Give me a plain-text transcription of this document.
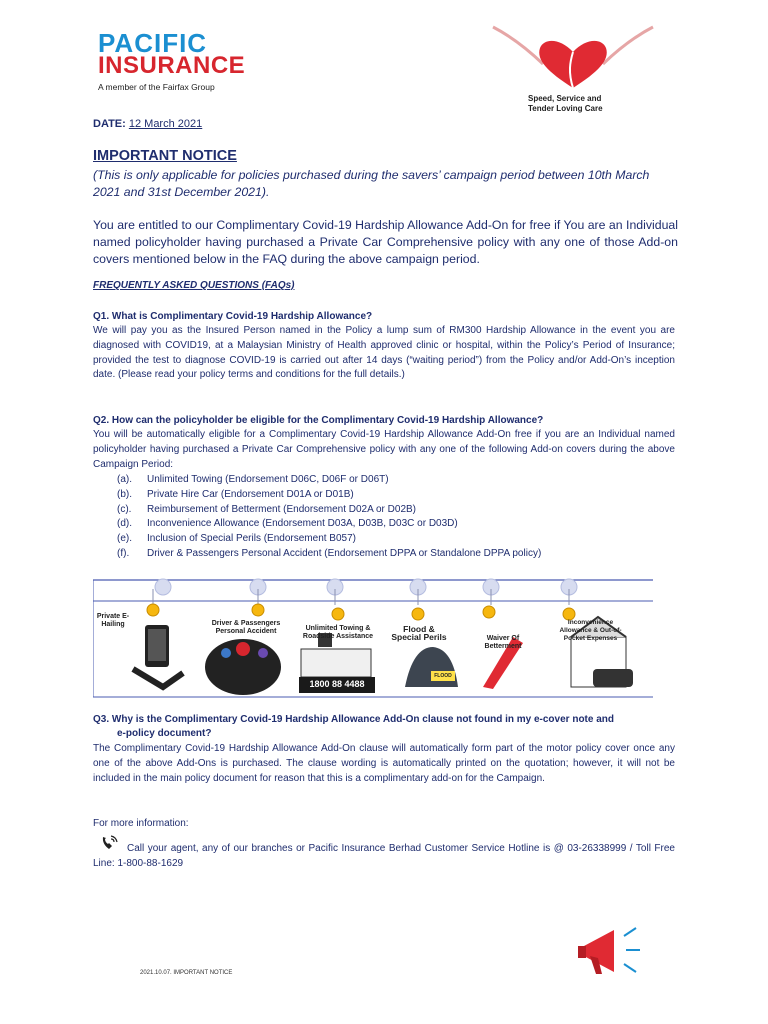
PACIFIC
INSURANCE
A member of the Fairfax Group
Speed, Service and
Tender Loving Care
DATE: 12 March 2021
IMPORTANT NOTICE
(This is only applicable for policies purchased during the savers’ campaign period between 10th March 2021 and 31st December 2021).
You are entitled to our Complimentary Covid-19 Hardship Allowance Add-On for free if You are an Individual named policyholder having purchased a Private Car Comprehensive policy with any one of those Add-on covers mentioned below in the FAQ during the above campaign period.
FREQUENTLY ASKED QUESTIONS (FAQs)
Q1. What is Complimentary Covid-19 Hardship Allowance?
We will pay you as the Insured Person named in the Policy a lump sum of RM300 Hardship Allowance in the event you are diagnosed with COVID19, at a Malaysian Ministry of Health approved clinic or hospital, within the Policy’s Period of Insurance; provided the test to diagnose COVID-19 is carried out after 14 days (“waiting period”) from the Policy and/or Add-On’s inception date. (Please read your policy terms and conditions for the full details.)
Q2. How can the policyholder be eligible for the Complimentary Covid-19 Hardship Allowance?
You will be automatically eligible for a Complimentary Covid-19 Hardship Allowance Add-On free if you are an Individual named policyholder having purchased a Private Car Comprehensive policy with any one of the following Add-on covers during the above Campaign Period:
(a). Unlimited Towing (Endorsement D06C, D06F or D06T)
(b). Private Hire Car (Endorsement D01A or D01B)
(c). Reimbursement of Betterment (Endorsement D02A or D02B)
(d). Inconvenience Allowance (Endorsement D03A, D03B, D03C or D03D)
(e). Inclusion of Special Perils (Endorsement B057)
(f). Driver & Passengers Personal Accident (Endorsement DPPA or Standalone DPPA policy)
Private E-Hailing	Driver & Passengers Personal Accident	Unlimited Towing & Roadside Assistance
Flood & Special Perils	Waiver Of Betterment
Inconvenience Allowance & Out-of-Pocket Expenses
1800 88 4488
FLOOD
Q3. Why is the Complimentary Covid-19 Hardship Allowance Add-On clause not found in my e-cover note and
e-policy document?
The Complimentary Covid-19 Hardship Allowance Add-On clause will automatically form part of the motor policy cover once any one of the above Add-Ons is purchased. The clause wording is automatically printed on the quotation; however, it will not be included in the main policy document for reason that this is a complimentary add-on for the Campaign.
For more information:
Call your agent, any of our branches or Pacific Insurance Berhad Customer Service Hotline is @ 03-26338999 / Toll Free Line: 1-800-88-1629
2021.10.07. IMPORTANT NOTICE
